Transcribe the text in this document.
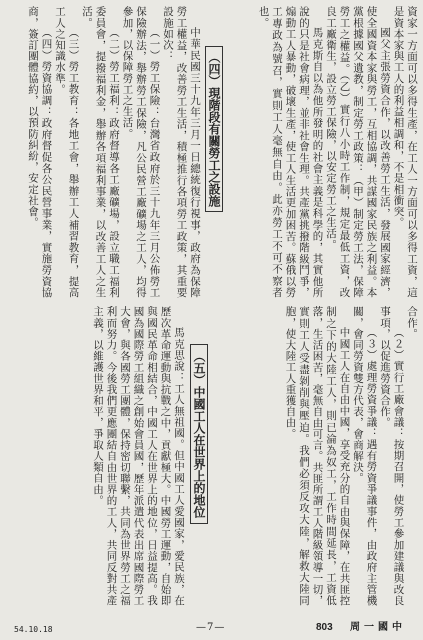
資家一方面可以多得生產，在工人一方面可以多得工資，這是資本家與工人的利益相調和，不是相衝突。

國父主張勞資合作，以改善勞工生活，發展國家經濟，使全國資本家與勞工，互相協調，共謀國家民族之利益。本黨根據國父遺教，制定勞工政策：（甲）制定勞工法，保障勞工之權益。（乙）實行八小時工作制，規定最低工資，改良工廠衛生，設立勞工保險，以安定勞工之生活。

馬克斯自以為他所發明的社會主義是科學的，其實他所說的只是社會病理，並非社會生理。共產黨挑撥階級鬥爭，煽動工人暴動，破壞生產，使工人生活更加困苦。蘇俄以勞工專政為號召，實則工人毫無自由。此亦勞工不可不察者也。

（四）現階段有關勞工之設施

中華民國三十九年三月一日總統復行視事，政府為保障勞工權益，改善勞工生活，積極推行各項勞工政策，其重要設施如次：

（一）勞工保險：台灣省政府於三十九年三月公佈勞工保險辦法，舉辦勞工保險，凡公民營工廠礦場之工人，均得參加，以保障勞工之生活。

（二）勞工福利：政府督導各工廠礦場，設立職工福利委員會，提撥福利金，舉辦各項福利事業，以改善工人之生活。

（三）勞工教育：各地工會，舉辦工人補習教育，提高工人之知識水準。

（四）勞資協調：政府督促各公民營事業，實施勞資協商，簽訂團體協約，以預防糾紛，安定社會。

合作。

（２）實行工廠會議：按期召開，使勞工參加建議與改良事項，以促進勞資合作。

（３）處理勞資爭議：遇有勞資爭議事件，由政府主管機關，會同勞資雙方代表，會商解決。

中國工人在自由中國，享受充分的自由與保障，在共匪控制之下的大陸工人，則已淪為奴工，工作時間延長，工資低落，生活困苦，毫無自由可言。共匪所謂工人階級領導一切，實則工人受盡剝削與壓迫。我們必須反攻大陸，解救大陸同胞，使大陸工人重獲自由。

（五）中國工人在世界上的地位

馬克思說：工人無祖國。但中國工人愛國家，愛民族，在歷次革命運動與抗戰之中，貢獻極大。中國勞工運動，自始即與國民革命相結合，中國工人在世界上的地位，日益提高。我國為國際勞工組織之創始會員國，歷年派遣代表出席國際勞工大會，與各國勞工團體，保持密切聯繫，共同為世界勞工之福利而努力。今後我們更應團結自由世界的工人，共同反對共產主義，以維護世界和平，爭取人類自由。

54.10.18	—7—	803 中國一周
